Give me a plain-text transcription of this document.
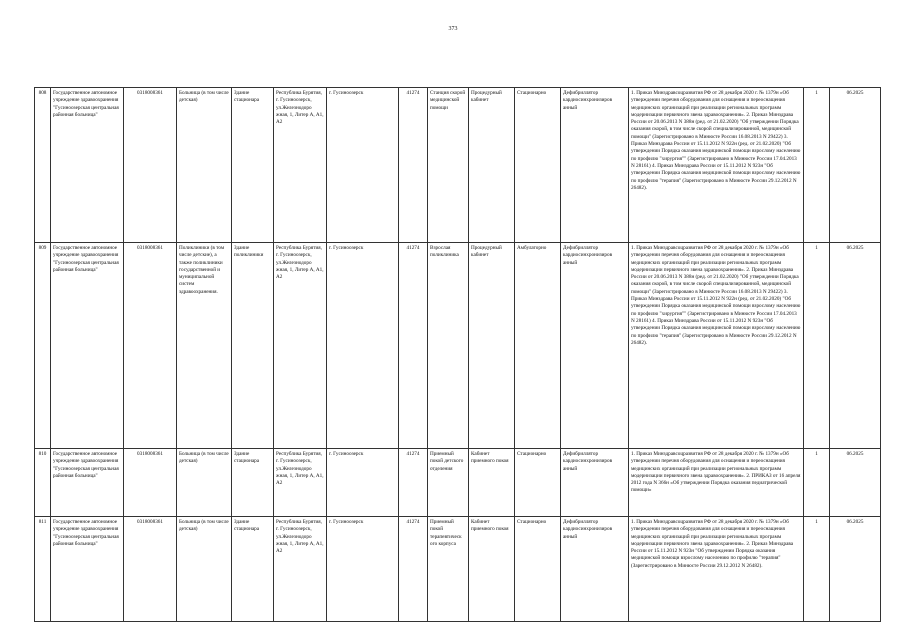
373
808	Государственное автономное учреждение здравоохранения "Гусиноозерская центральная районная больница"	0318008361	Больница (в том числе детская)	Здание стационара	Республика Бурятия, г. Гусиноозерск, ул.Железнодоро жная, 1, Литер А, А1, А2	г. Гусиноозерск	41274	Станция скорой медицинской помощи	Процедурный кабинет	Стационарно	Дефибриллятор кардиосинхронизиров анный	1. Приказ Минздравсоцразвития РФ от 28 декабря 2020 г. № 1379н «Об утверждении перечня оборудования для оснащения и переоснащения медицинских организаций при реализации региональных программ модернизации первичного звена здравоохранения». 2. Приказ Минздрава России от 20.06.2013 N 388н (ред. от 21.02.2020) "Об утверждении Порядка оказания скорой, в том числе скорой специализированной, медицинской помощи" (Зарегистрировано в Минюсте России 16.08.2013 N 29422) 3. Приказ Минздрава России от 15.11.2012 N 922н (ред. от 21.02.2020) "Об утверждении Порядка оказания медицинской помощи взрослому населению по профилю "хирургия"" (Зарегистрировано в Минюсте России 17.04.2013 N 28161) 4. Приказ Минздрава России от 15.11.2012 N 923н "Об утверждении Порядка оказания медицинской помощи взрослому населению по профилю "терапия" (Зарегистрировано в Минюсте России 29.12.2012 N 26482).	1	06.2025
809	Государственное автономное учреждение здравоохранения "Гусиноозерская центральная районная больница"	0318008361	Поликлиники (в том числе детские), а также поликлиники государственной и муниципальной систем здравоохранения.	Здание поликлиники	Республика Бурятия, г. Гусиноозерск, ул.Железнодоро жная, 1, Литер А, А1, А2	г. Гусиноозерск	41274	Взрослая поликлиника	Процедурный кабинет	Амбулаторно	Дефибриллятор кардиосинхронизиров анный	1. Приказ Минздравсоцразвития РФ от 28 декабря 2020 г. № 1379н «Об утверждении перечня оборудования для оснащения и переоснащения медицинских организаций при реализации региональных программ модернизации первичного звена здравоохранения». 2. Приказ Минздрава России от 20.06.2013 N 388н (ред. от 21.02.2020) "Об утверждении Порядка оказания скорой, в том числе скорой специализированной, медицинской помощи" (Зарегистрировано в Минюсте России 16.08.2013 N 29422) 3. Приказ Минздрава России от 15.11.2012 N 922н (ред. от 21.02.2020) "Об утверждении Порядка оказания медицинской помощи взрослому населению по профилю "хирургия"" (Зарегистрировано в Минюсте России 17.04.2013 N 28161) 4. Приказ Минздрава России от 15.11.2012 N 923н "Об утверждении Порядка оказания медицинской помощи взрослому населению по профилю "терапия" (Зарегистрировано в Минюсте России 29.12.2012 N 26482).	1	06.2025
810	Государственное автономное учреждение здравоохранения "Гусиноозерская центральная районная больница"	0318008361	Больница (в том числе детская)	Здание стационара	Республика Бурятия, г. Гусиноозерск, ул.Железнодоро жная, 1, Литер А, А1, А2	г. Гусиноозерск	41274	Приемный покой детского отделения	Кабинет приемного покоя	Стационарно	Дефибриллятор кардиосинхронизиров анный	1. Приказ Минздравсоцразвития РФ от 28 декабря 2020 г. № 1379н «Об утверждении перечня оборудования для оснащения и переоснащения медицинских организаций при реализации региональных программ модернизации первичного звена здравоохранения». 2. ПРИКАЗ от 16 апреля 2012 года N 366н «Об утверждении Порядка оказания педиатрической помощи»	1	06.2025
811	Государственное автономное учреждение здравоохранения "Гусиноозерская центральная районная больница"	0318008361	Больница (в том числе детская)	Здание стационара	Республика Бурятия, г. Гусиноозерск, ул.Железнодоро жная, 1, Литер А, А1, А2	г. Гусиноозерск	41274	Приемный покой терапевтическ ого корпуса	Кабинет приемного покоя	Стационарно	Дефибриллятор кардиосинхронизиров анный	1. Приказ Минздравсоцразвития РФ от 28 декабря 2020 г. № 1379н «Об утверждении перечня оборудования для оснащения и переоснащения медицинских организаций при реализации региональных программ модернизации первичного звена здравоохранения». 2. Приказ Минздрава России от 15.11.2012 N 923н "Об утверждении Порядка оказания медицинской помощи взрослому населению по профилю "терапия" (Зарегистрировано в Минюсте России 29.12.2012 N 26482).	1	06.2025
